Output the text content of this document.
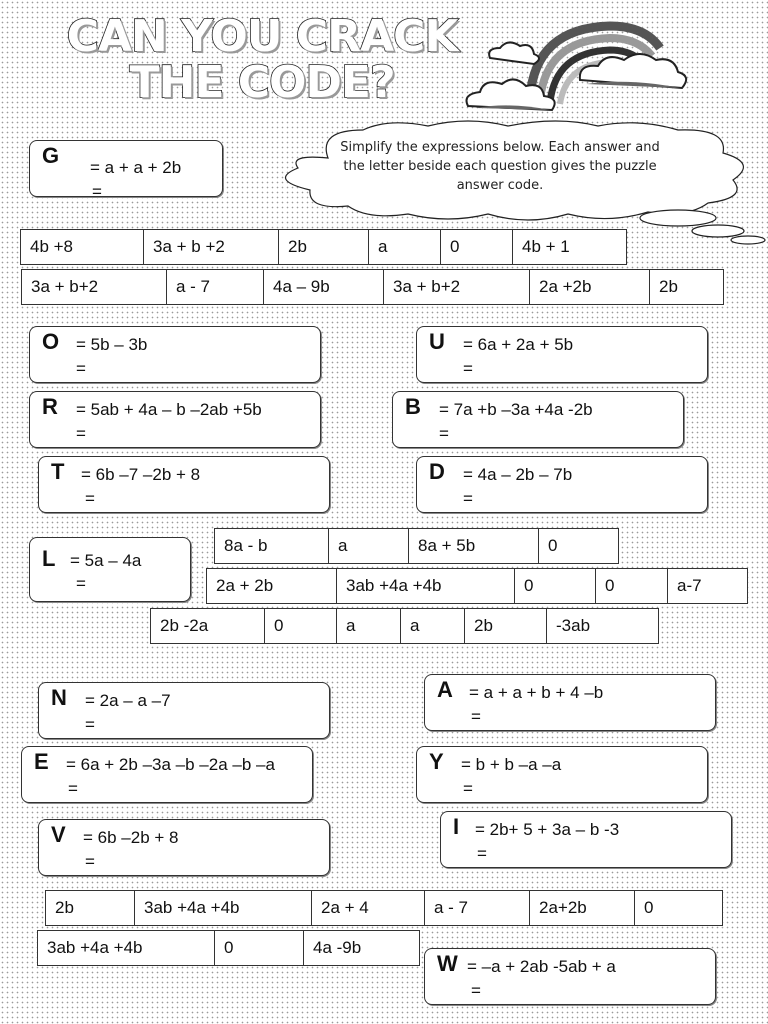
CAN YOU CRACK
THE CODE?
Simplify the expressions below. Each answer and the letter beside each question gives the puzzle answer code.
G = a + a + 2b
=
4b +8	3a + b +2	2b	a	0	4b + 1
3a + b+2	a - 7	4a – 9b	3a + b+2	2a +2b	2b
O = 5b – 3b
=
U = 6a + 2a + 5b
=
R = 5ab + 4a – b –2ab +5b
=
B = 7a +b –3a +4a -2b
=
T = 6b –7 –2b + 8
=
D = 4a – 2b – 7b
=
L = 5a – 4a
=
8a - b	a	8a + 5b	0
2a + 2b	3ab +4a +4b	0	0	a-7
2b -2a	0	a	a	2b	-3ab
N = 2a – a –7
=
A = a + a + b + 4 –b
=
E = 6a + 2b –3a –b –2a –b –a
=
Y = b + b –a –a
=
V = 6b –2b + 8
=
I = 2b+ 5 + 3a – b -3
=
2b	3ab +4a +4b	2a + 4	a - 7	2a+2b	0
3ab +4a +4b	0	4a -9b
W = –a + 2ab -5ab + a
=
